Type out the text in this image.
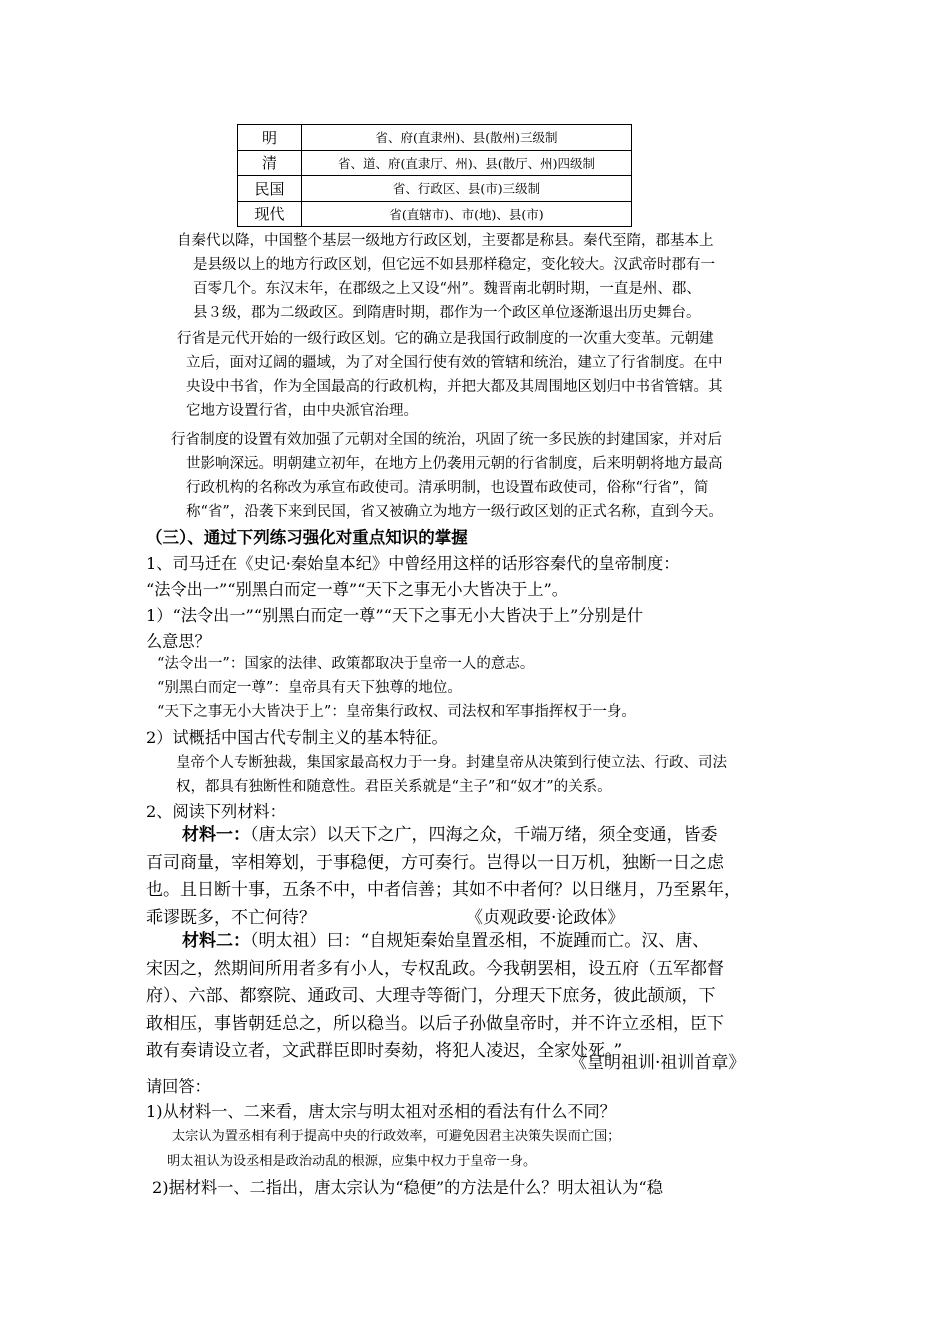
明	省、府(直隶州)、县(散州)三级制
清	省、道、府(直隶厅、州)、县(散厅、州)四级制
民国	省、行政区、县(市)三级制
现代	省(直辖市)、市(地)、县(市)
自秦代以降，中国整个基层一级地方行政区划，主要都是称县。秦代至隋，郡基本上
是县级以上的地方行政区划，但它远不如县那样稳定，变化较大。汉武帝时郡有一
百零几个。东汉末年，在郡级之上又设“州”。魏晋南北朝时期，一直是州、郡、
县３级，郡为二级政区。到隋唐时期，郡作为一个政区单位逐渐退出历史舞台。
行省是元代开始的一级行政区划。它的确立是我国行政制度的一次重大变革。元朝建
立后，面对辽阔的疆域，为了对全国行使有效的管辖和统治，建立了行省制度。在中
央设中书省，作为全国最高的行政机构，并把大都及其周围地区划归中书省管辖。其
它地方设置行省，由中央派官治理。
行省制度的设置有效加强了元朝对全国的统治，巩固了统一多民族的封建国家，并对后
世影响深远。明朝建立初年，在地方上仍袭用元朝的行省制度，后来明朝将地方最高
行政机构的名称改为承宣布政使司。清承明制，也设置布政使司，俗称“行省”，简
称“省”，沿袭下来到民国，省又被确立为地方一级行政区划的正式名称，直到今天。
（三）、通过下列练习强化对重点知识的掌握
1、司马迁在《史记·秦始皇本纪》中曾经用这样的话形容秦代的皇帝制度：
“法令出一”“别黑白而定一尊”“天下之事无小大皆决于上”。
1）“法令出一”“别黑白而定一尊”“天下之事无小大皆决于上”分别是什
么意思？
“法令出一”：国家的法律、政策都取决于皇帝一人的意志。
“别黑白而定一尊”：皇帝具有天下独尊的地位。
“天下之事无小大皆决于上”：皇帝集行政权、司法权和军事指挥权于一身。
2）试概括中国古代专制主义的基本特征。
皇帝个人专断独裁，集国家最高权力于一身。封建皇帝从决策到行使立法、行政、司法
权，都具有独断性和随意性。君臣关系就是“主子”和“奴才”的关系。
2、阅读下列材料：
材料一：（唐太宗）以天下之广，四海之众，千端万绪，须全变通，皆委
百司商量，宰相筹划，于事稳便，方可奏行。岂得以一日万机，独断一日之虑
也。且日断十事，五条不中，中者信善；其如不中者何？以日继月，乃至累年，
乖谬既多，不亡何待？	《贞观政要·论政体》
材料二：（明太祖）曰：“自规矩秦始皇置丞相，不旋踵而亡。汉、唐、
宋因之，然期间所用者多有小人，专权乱政。今我朝罢相，设五府（五军都督
府）、六部、都察院、通政司、大理寺等衙门，分理天下庶务，彼此颉颃，下
敢相压，事皆朝廷总之，所以稳当。以后子孙做皇帝时，并不许立丞相，臣下
敢有奏请设立者，文武群臣即时奏劾，将犯人凌迟，全家处死。”
《皇明祖训·祖训首章》
请回答：
1)从材料一、二来看，唐太宗与明太祖对丞相的看法有什么不同？
太宗认为置丞相有利于提高中央的行政效率，可避免因君主决策失误而亡国；
明太祖认为设丞相是政治动乱的根源，应集中权力于皇帝一身。
2)据材料一、二指出，唐太宗认为“稳便”的方法是什么？明太祖认为“稳
